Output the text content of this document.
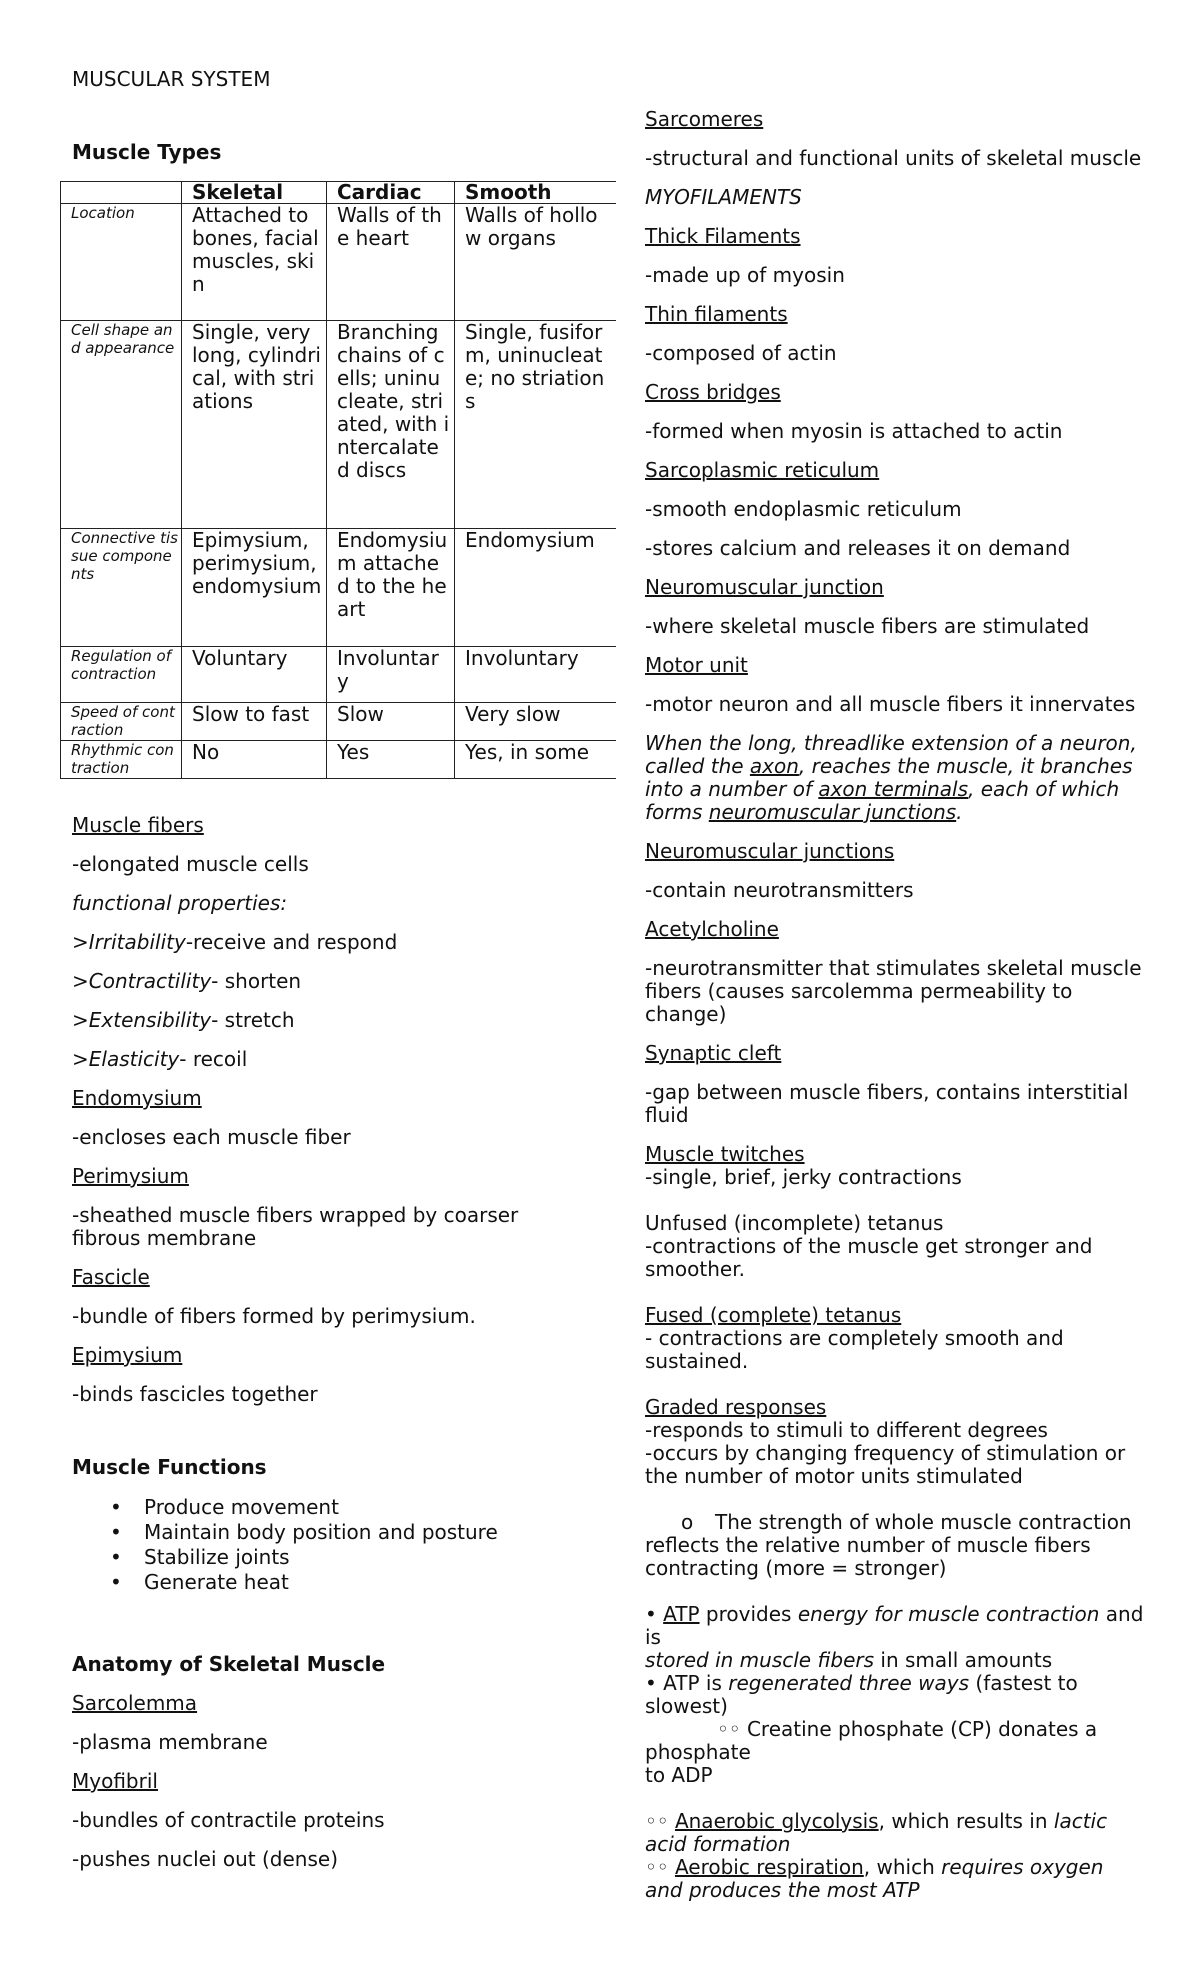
MUSCULAR SYSTEM

Muscle Types

	Skeletal	Cardiac	Smooth
Location	Attached to bones, facial muscles, skin	Walls of the heart	Walls of hollow organs
Cell shape and appearance	Single, very long, cylindrical, with striations	Branching chains of cells; uninucleate, striated, with intercalated discs	Single, fusiform, uninucleate; no striations
Connective tissue components	Epimysium, perimysium, endomysium	Endomysium attached to the heart	Endomysium
Regulation of contraction	Voluntary	Involuntary	Involuntary
Speed of contraction	Slow to fast	Slow	Very slow
Rhythmic contraction	No	Yes	Yes, in some

Muscle fibers

-elongated muscle cells

functional properties:

>Irritability-receive and respond

>Contractility- shorten

>Extensibility- stretch

>Elasticity- recoil

Endomysium

-encloses each muscle fiber

Perimysium

-sheathed muscle fibers wrapped by coarser fibrous membrane

Fascicle

-bundle of fibers formed by perimysium.

Epimysium

-binds fascicles together

Muscle Functions

• Produce movement
• Maintain body position and posture
• Stabilize joints
• Generate heat

Anatomy of Skeletal Muscle

Sarcolemma

-plasma membrane

Myofibril

-bundles of contractile proteins

-pushes nuclei out (dense)

Sarcomeres

-structural and functional units of skeletal muscle

MYOFILAMENTS

Thick Filaments

-made up of myosin

Thin filaments

-composed of actin

Cross bridges

-formed when myosin is attached to actin

Sarcoplasmic reticulum

-smooth endoplasmic reticulum

-stores calcium and releases it on demand

Neuromuscular junction

-where skeletal muscle fibers are stimulated

Motor unit

-motor neuron and all muscle fibers it innervates

When the long, threadlike extension of a neuron, called the axon, reaches the muscle, it branches into a number of axon terminals, each of which forms neuromuscular junctions.

Neuromuscular junctions

-contain neurotransmitters

Acetylcholine

-neurotransmitter that stimulates skeletal muscle fibers (causes sarcolemma permeability to change)

Synaptic cleft

-gap between muscle fibers, contains interstitial fluid

Muscle twitches

-single, brief, jerky contractions

Unfused (incomplete) tetanus

-contractions of the muscle get stronger and smoother.

Fused (complete) tetanus

- contractions are completely smooth and sustained.

Graded responses

-responds to stimuli to different degrees

-occurs by changing frequency of stimulation or the number of motor units stimulated

o The strength of whole muscle contraction reflects the relative number of muscle fibers contracting (more = stronger)

• ATP provides energy for muscle contraction and is
stored in muscle fibers in small amounts

• ATP is regenerated three ways (fastest to slowest)

◦◦ Creatine phosphate (CP) donates a phosphate

to ADP

◦◦ Anaerobic glycolysis, which results in lactic acid formation

◦◦ Aerobic respiration, which requires oxygen and produces the most ATP
